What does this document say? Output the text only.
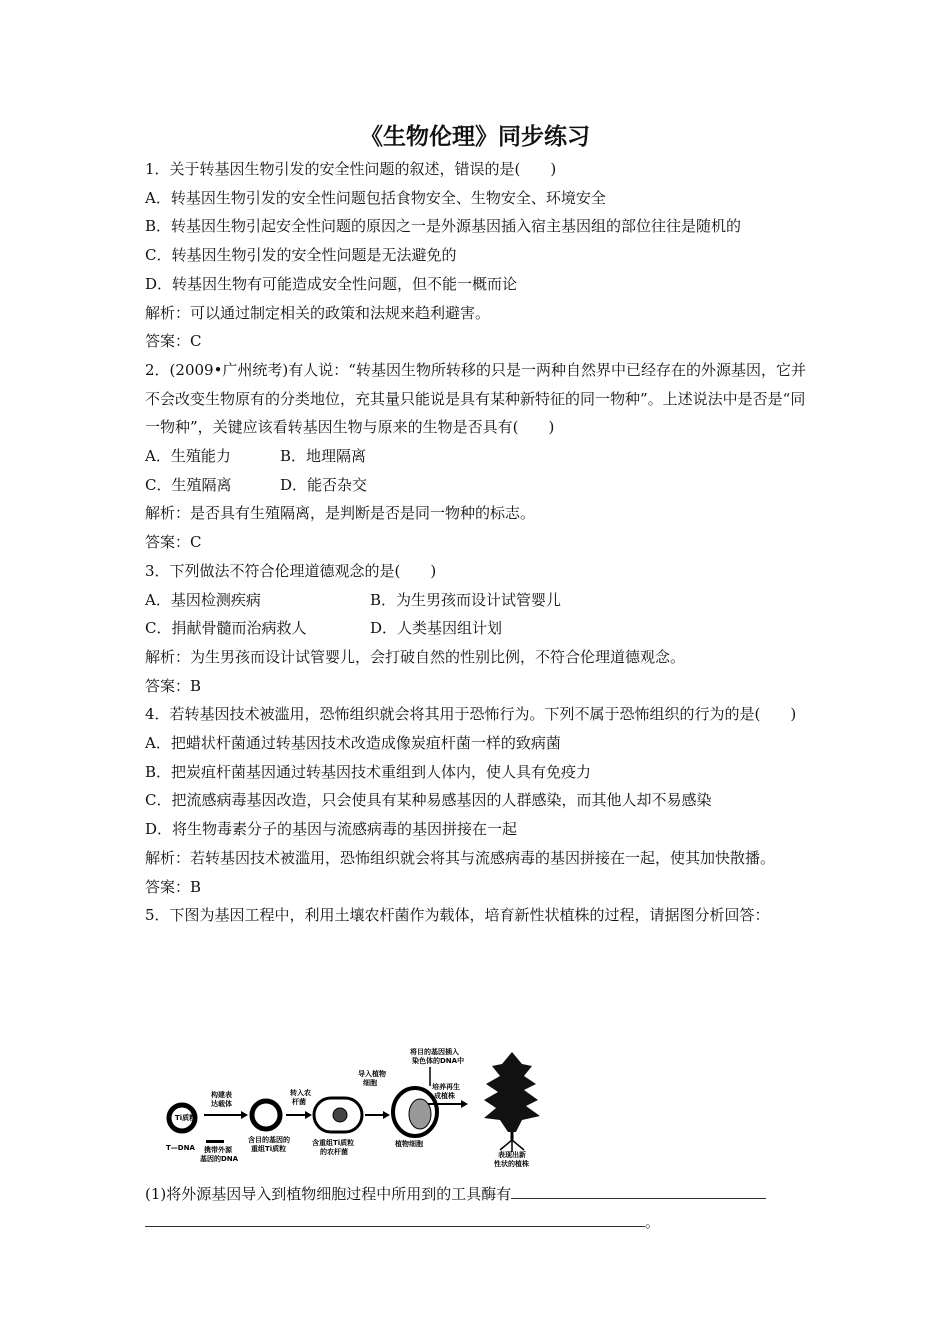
《生物伦理》同步练习
1．关于转基因生物引发的安全性问题的叙述，错误的是(　　)
A．转基因生物引发的安全性问题包括食物安全、生物安全、环境安全
B．转基因生物引起安全性问题的原因之一是外源基因插入宿主基因组的部位往往是随机的
C．转基因生物引发的安全性问题是无法避免的
D．转基因生物有可能造成安全性问题，但不能一概而论
解析：可以通过制定相关的政策和法规来趋利避害。
答案：C
2．(2009•广州统考)有人说：“转基因生物所转移的只是一两种自然界中已经存在的外源基因，它并不会改变生物原有的分类地位，充其量只能说是具有某种新特征的同一物种”。上述说法中是否是“同一物种”，关键应该看转基因生物与原来的生物是否具有(　　)
A．生殖能力	B．地理隔离
C．生殖隔离	D．能否杂交
解析：是否具有生殖隔离，是判断是否是同一物种的标志。
答案：C
3．下列做法不符合伦理道德观念的是(　　)
A．基因检测疾病	B．为生男孩而设计试管婴儿
C．捐献骨髓而治病救人	D．人类基因组计划
解析：为生男孩而设计试管婴儿，会打破自然的性别比例，不符合伦理道德观念。
答案：B
4．若转基因技术被滥用，恐怖组织就会将其用于恐怖行为。下列不属于恐怖组织的行为的是(　　)
A．把蜡状杆菌通过转基因技术改造成像炭疽杆菌一样的致病菌
B．把炭疽杆菌基因通过转基因技术重组到人体内，使人具有免疫力
C．把流感病毒基因改造，只会使具有某种易感基因的人群感染，而其他人却不易感染
D．将生物毒素分子的基因与流感病毒的基因拼接在一起
解析：若转基因技术被滥用，恐怖组织就会将其与流感病毒的基因拼接在一起，使其加快散播。
答案：B
5．下图为基因工程中，利用土壤农杆菌作为载体，培育新性状植株的过程，请据图分析回答：
Ti质粒
T—DNA 携带外源
基因的DNA
构建表
达载体
含目的基因的
重组Ti质粒
转入农
杆菌
含重组Ti质粒
的农杆菌
导入植物
细胞
植物细胞
将目的基因插入
染色体的DNA中
培养再生
成植株
表现出新
性状的植株
(1)将外源基因导入到植物细胞过程中所用到的工具酶有
。
